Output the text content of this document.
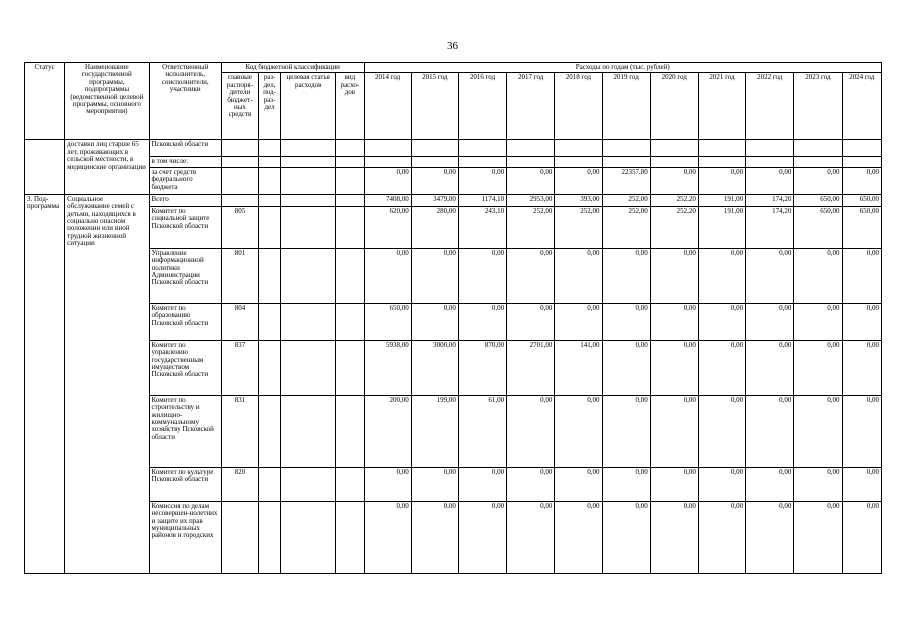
36
Статус	Наименование государственной программы, подпрограммы (ведомственной целевой программы, основного мероприятия)	Ответственный исполнитель, соисполнители, участники	Код бюджетной классификации				Расходы по годам (тыс. рублей)										
			главные распоря-дители бюджет-ных средств	раз-дел, под-раз-дел	целевая статья расходов	вид расхо-дов	2014 год	2015 год	2016 год	2017 год	2018 год	2019 год	2020 год	2021 год	2022 год	2023 год	2024 год
	доставки лиц старше 65 лет, проживающих в сельской местности, в медицинские организации	Псковской области															
		в том числе:															
		за счет средств федерального бюджета					0,00	0,00	0,00	0,00	0,00	22357,80	0,00	0,00	0,00	0,00	0,00
3. Под-программа	Социальное обслуживание семей с детьми, находящихся в социально опасном положении или иной трудной жизненной ситуации	Всего					7408,00	3479,00	1174,10	2953,00	393,00	252,00	252,20	191,00	174,20	650,00	650,00
		Комитет по социальной защите Псковской области	805				620,00	280,00	243,10	252,00	252,00	252,00	252,20	191,00	174,20	650,00	650,00
		Управление информационной политики Администрации Псковской области	801				0,00	0,00	0,00	0,00	0,00	0,00	0,00	0,00	0,00	0,00	0,00
		Комитет по образованию Псковской области	804				650,00	0,00	0,00	0,00	0,00	0,00	0,00	0,00	0,00	0,00	0,00
		Комитет по управлению государственным имуществом Псковской области	837				5938,00	3000,00	870,00	2701,00	141,00	0,00	0,00	0,00	0,00	0,00	0,00
		Комитет по строительству и жилищно-коммунальному хозяйству Псковской области	831				200,00	199,00	61,00	0,00	0,00	0,00	0,00	0,00	0,00	0,00	0,00
		Комитет по культуре Псковской области	820				0,00	0,00	0,00	0,00	0,00	0,00	0,00	0,00	0,00	0,00	0,00
		Комиссия по делам несовершен-нолетних и защите их прав муниципальных районов и городских					0,00	0,00	0,00	0,00	0,00	0,00	0,00	0,00	0,00	0,00	0,00
